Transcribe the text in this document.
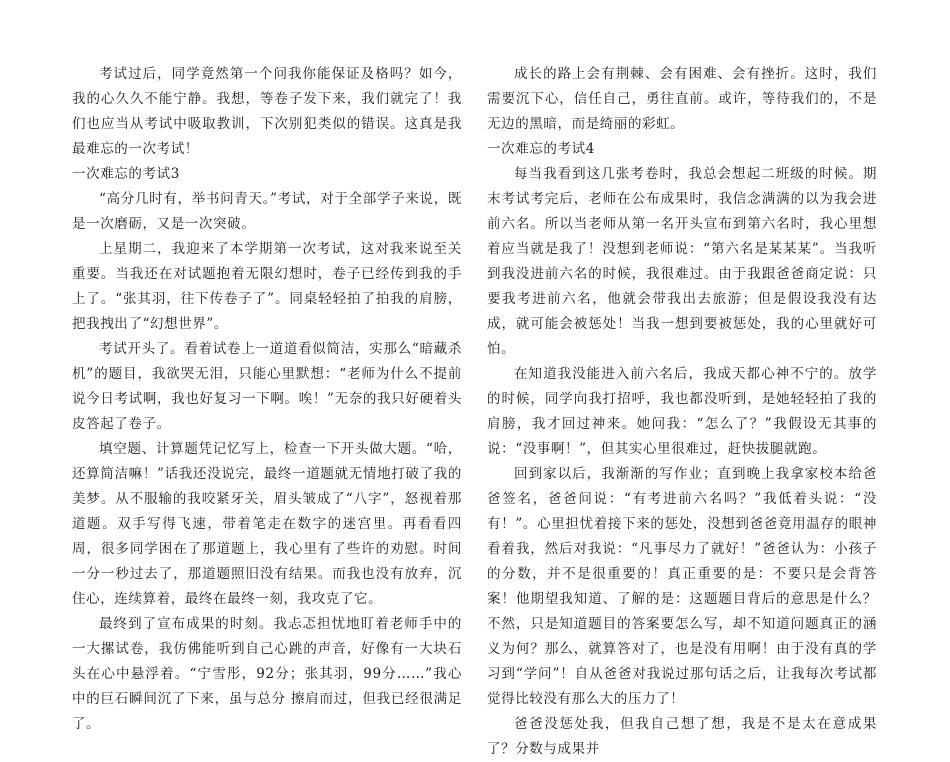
考试过后，同学竟然第一个问我你能保证及格吗？如今，我的心久久不能宁静。我想，等卷子发下来，我们就完了！我们也应当从考试中吸取教训，下次别犯类似的错误。这真是我最难忘的一次考试！

一次难忘的考试3

“高分几时有，举书问青天。”考试，对于全部学子来说，既是一次磨砺，又是一次突破。

上星期二，我迎来了本学期第一次考试，这对我来说至关重要。当我还在对试题抱着无限幻想时，卷子已经传到我的手上了。“张其羽，往下传卷子了”。同桌轻轻拍了拍我的肩膀，把我拽出了“幻想世界”。

考试开头了。看着试卷上一道道看似简洁，实那么“暗藏杀机”的题目，我欲哭无泪，只能心里默想：“老师为什么不提前说今日考试啊，我也好复习一下啊。唉！”无奈的我只好硬着头皮答起了卷子。

填空题、计算题凭记忆写上，检查一下开头做大题。“哈，还算简洁嘛！”话我还没说完，最终一道题就无情地打破了我的美梦。从不服输的我咬紧牙关，眉头皱成了“八字”，怒视着那道题。双手写得飞速，带着笔走在数字的迷宫里。再看看四周，很多同学困在了那道题上，我心里有了些许的劝慰。时间一分一秒过去了，那道题照旧没有结果。而我也没有放弃，沉住心，连续算着，最终在最终一刻，我攻克了它。

最终到了宣布成果的时刻。我忐忑担忧地盯着老师手中的一大摞试卷，我仿佛能听到自己心跳的声音，好像有一大块石头在心中悬浮着。“宁雪彤，92分；张其羽，99分……”我心中的巨石瞬间沉了下来，虽与总分 擦肩而过，但我已经很满足了。

成长的路上会有荆棘、会有困难、会有挫折。这时，我们需要沉下心，信任自己，勇往直前。或许，等待我们的，不是无边的黑暗，而是绮丽的彩虹。

一次难忘的考试4

每当我看到这几张考卷时，我总会想起二班级的时候。期末考试考完后，老师在公布成果时，我信念满满的以为我会进前六名。所以当老师从第一名开头宣布到第六名时，我心里想着应当就是我了！没想到老师说：“第六名是某某某”。当我听到我没进前六名的时候，我很难过。由于我跟爸爸商定说：只要我考进前六名，他就会带我出去旅游；但是假设我没有达成，就可能会被惩处！当我一想到要被惩处，我的心里就好可怕。

在知道我没能进入前六名后，我成天都心神不宁的。放学的时候，同学向我打招呼，我也都没听到，是她轻轻拍了我的肩膀，我才回过神来。她问我：“怎么了？”我假设无其事的说：“没事啊！”，但其实心里很难过，赶快拔腿就跑。

回到家以后，我渐渐的写作业；直到晚上我拿家校本给爸爸签名，爸爸问说：“有考进前六名吗？”我低着头说：“没有！”。心里担忧着接下来的惩处，没想到爸爸竟用温存的眼神看着我，然后对我说：“凡事尽力了就好！”爸爸认为：小孩子的分数，并不是很重要的！真正重要的是：不要只是会背答案！他期望我知道、了解的是：这题题目背后的意思是什么？不然，只是知道题目的答案要怎么写，却不知道问题真正的涵义为何？那么，就算答对了，也是没有用啊！由于没有真的学习到“学问”！自从爸爸对我说过那句话之后，让我每次考试都觉得比较没有那么大的压力了！

爸爸没惩处我，但我自己想了想，我是不是太在意成果了？分数与成果并
